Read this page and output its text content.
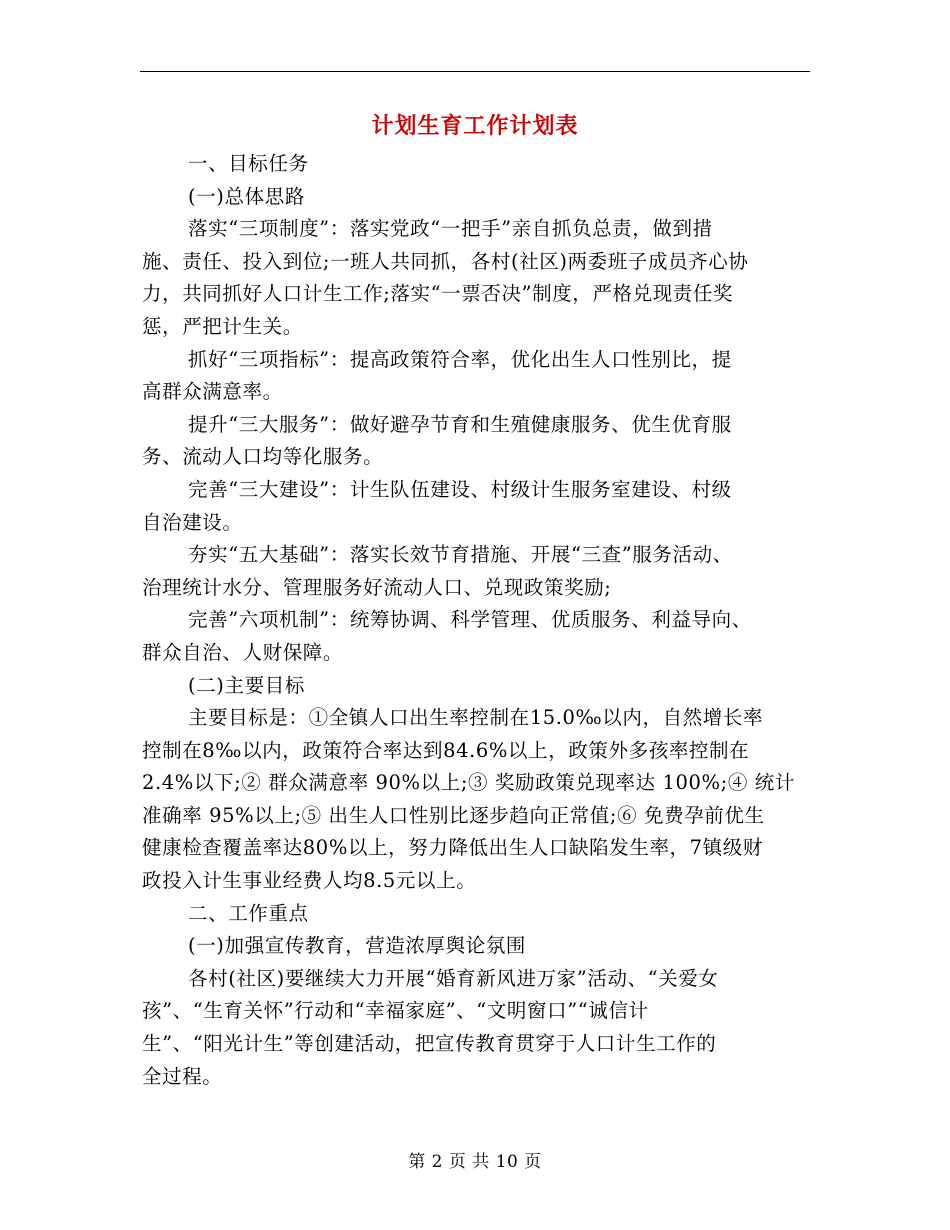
计划生育工作计划表
一、目标任务
(一)总体思路
落实“三项制度”：落实党政“一把手”亲自抓负总责，做到措
施、责任、投入到位;一班人共同抓，各村(社区)两委班子成员齐心协
力，共同抓好人口计生工作;落实“一票否决”制度，严格兑现责任奖
惩，严把计生关。
抓好“三项指标”：提高政策符合率，优化出生人口性别比，提
高群众满意率。
提升“三大服务”：做好避孕节育和生殖健康服务、优生优育服
务、流动人口均等化服务。
完善“三大建设”：计生队伍建设、村级计生服务室建设、村级
自治建设。
夯实“五大基础”：落实长效节育措施、开展“三查”服务活动、
治理统计水分、管理服务好流动人口、兑现政策奖励;
完善”六项机制”：统筹协调、科学管理、优质服务、利益导向、
群众自治、人财保障。
(二)主要目标
主要目标是：①全镇人口出生率控制在15.0‰以内，自然增长率
控制在8‰以内，政策符合率达到84.6%以上，政策外多孩率控制在
2.4%以下;② 群众满意率 90%以上;③ 奖励政策兑现率达 100%;④ 统计
准确率 95%以上;⑤ 出生人口性别比逐步趋向正常值;⑥ 免费孕前优生
健康检查覆盖率达80%以上，努力降低出生人口缺陷发生率，7镇级财
政投入计生事业经费人均8.5元以上。
二、工作重点
(一)加强宣传教育，营造浓厚舆论氛围
各村(社区)要继续大力开展“婚育新风进万家”活动、“关爱女
孩”、“生育关怀”行动和“幸福家庭”、“文明窗口”“诚信计
生”、“阳光计生”等创建活动，把宣传教育贯穿于人口计生工作的
全过程。
第 2 页 共 10 页
